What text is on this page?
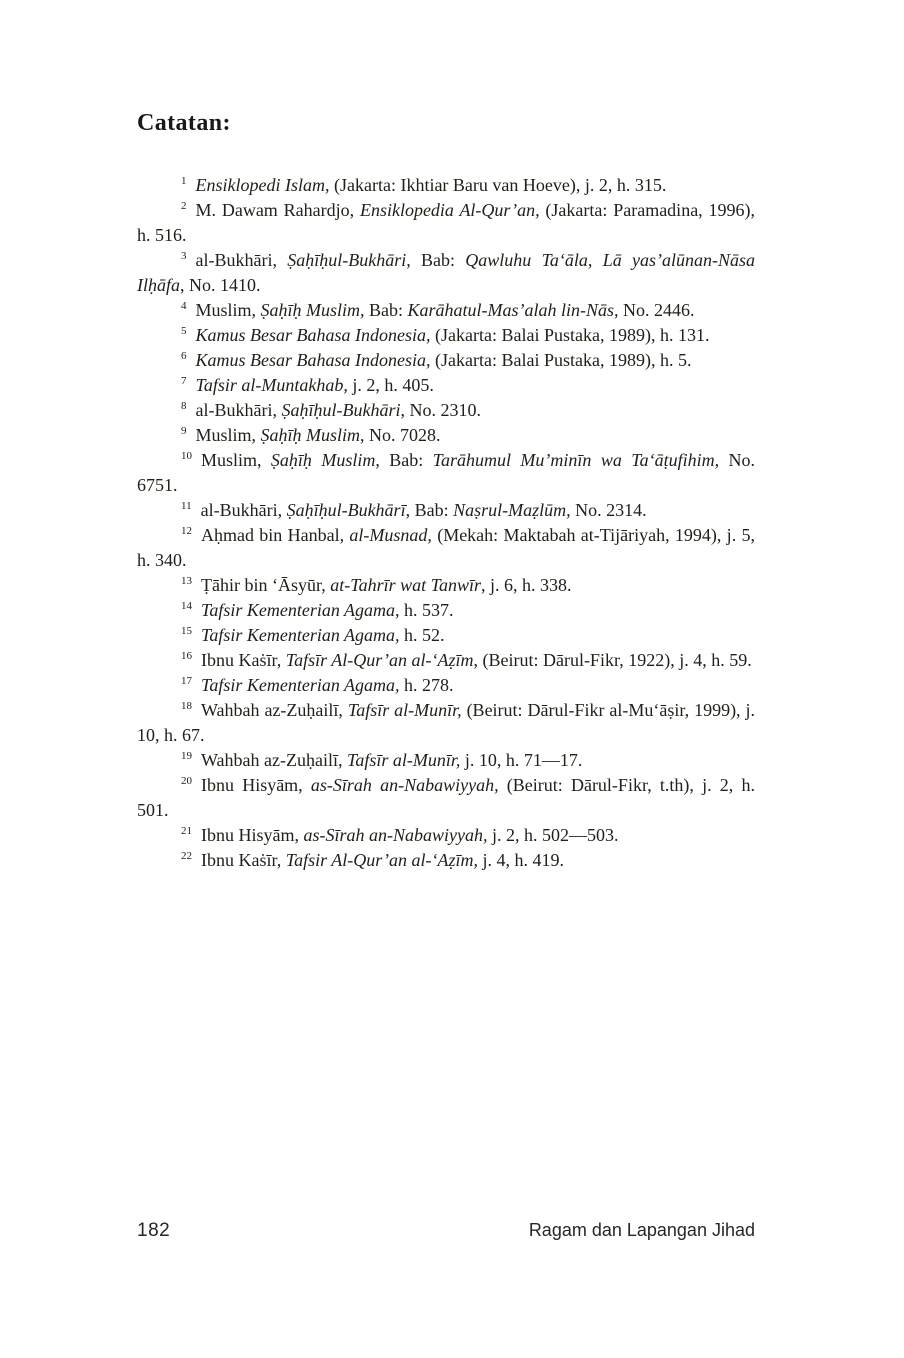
Catatan:

$^1$ Ensiklopedi Islam, (Jakarta: Ikhtiar Baru van Hoeve), j. 2, h. 315.

$^2$ M. Dawam Rahardjo, Ensiklopedia Al-Qur’an, (Jakarta: Paramadina, 1996), h. 516.

$^3$ al-Bukhāri, Ṣaḥīḥul-Bukhāri, Bab: Qawluhu Ta‘āla, Lā yas’alūnan-Nāsa Ilḥāfa, No. 1410.

$^4$ Muslim, Ṣaḥīḥ Muslim, Bab: Karāhatul-Mas’alah lin-Nās, No. 2446.

$^5$ Kamus Besar Bahasa Indonesia, (Jakarta: Balai Pustaka, 1989), h. 131.

$^6$ Kamus Besar Bahasa Indonesia, (Jakarta: Balai Pustaka, 1989), h. 5.

$^7$ Tafsir al-Muntakhab, j. 2, h. 405.

$^8$ al-Bukhāri, Ṣaḥīḥul-Bukhāri, No. 2310.

$^9$ Muslim, Ṣaḥīḥ Muslim, No. 7028.

$^{10}$ Muslim, Ṣaḥīḥ Muslim, Bab: Tarāhumul Mu’minīn wa Ta‘āṭufihim, No. 6751.

$^{11}$ al-Bukhāri, Ṣaḥīḥul-Bukhārī, Bab: Naṣrul-Maẓlūm, No. 2314.

$^{12}$ Aḥmad bin Hanbal, al-Musnad, (Mekah: Maktabah at-Tijāriyah, 1994), j. 5, h. 340.

$^{13}$ Ṭāhir bin ‘Āsyūr, at-Tahrīr wat Tanwīr, j. 6, h. 338.

$^{14}$ Tafsir Kementerian Agama, h. 537.

$^{15}$ Tafsir Kementerian Agama, h. 52.

$^{16}$ Ibnu Kaṡīr, Tafsīr Al-Qur’an al-‘Aẓīm, (Beirut: Dārul-Fikr, 1922), j. 4, h. 59.

$^{17}$ Tafsir Kementerian Agama, h. 278.

$^{18}$ Wahbah az-Zuḥailī, Tafsīr al-Munīr, (Beirut: Dārul-Fikr al-Mu‘āṣir, 1999), j. 10, h. 67.

$^{19}$ Wahbah az-Zuḥailī, Tafsīr al-Munīr, j. 10, h. 71—17.

$^{20}$ Ibnu Hisyām, as-Sīrah an-Nabawiyyah, (Beirut: Dārul-Fikr, t.th), j. 2, h. 501.

$^{21}$ Ibnu Hisyām, as-Sīrah an-Nabawiyyah, j. 2, h. 502—503.

$^{22}$ Ibnu Kaṡīr, Tafsir Al-Qur’an al-‘Aẓīm, j. 4, h. 419.

182	Ragam dan Lapangan Jihad
